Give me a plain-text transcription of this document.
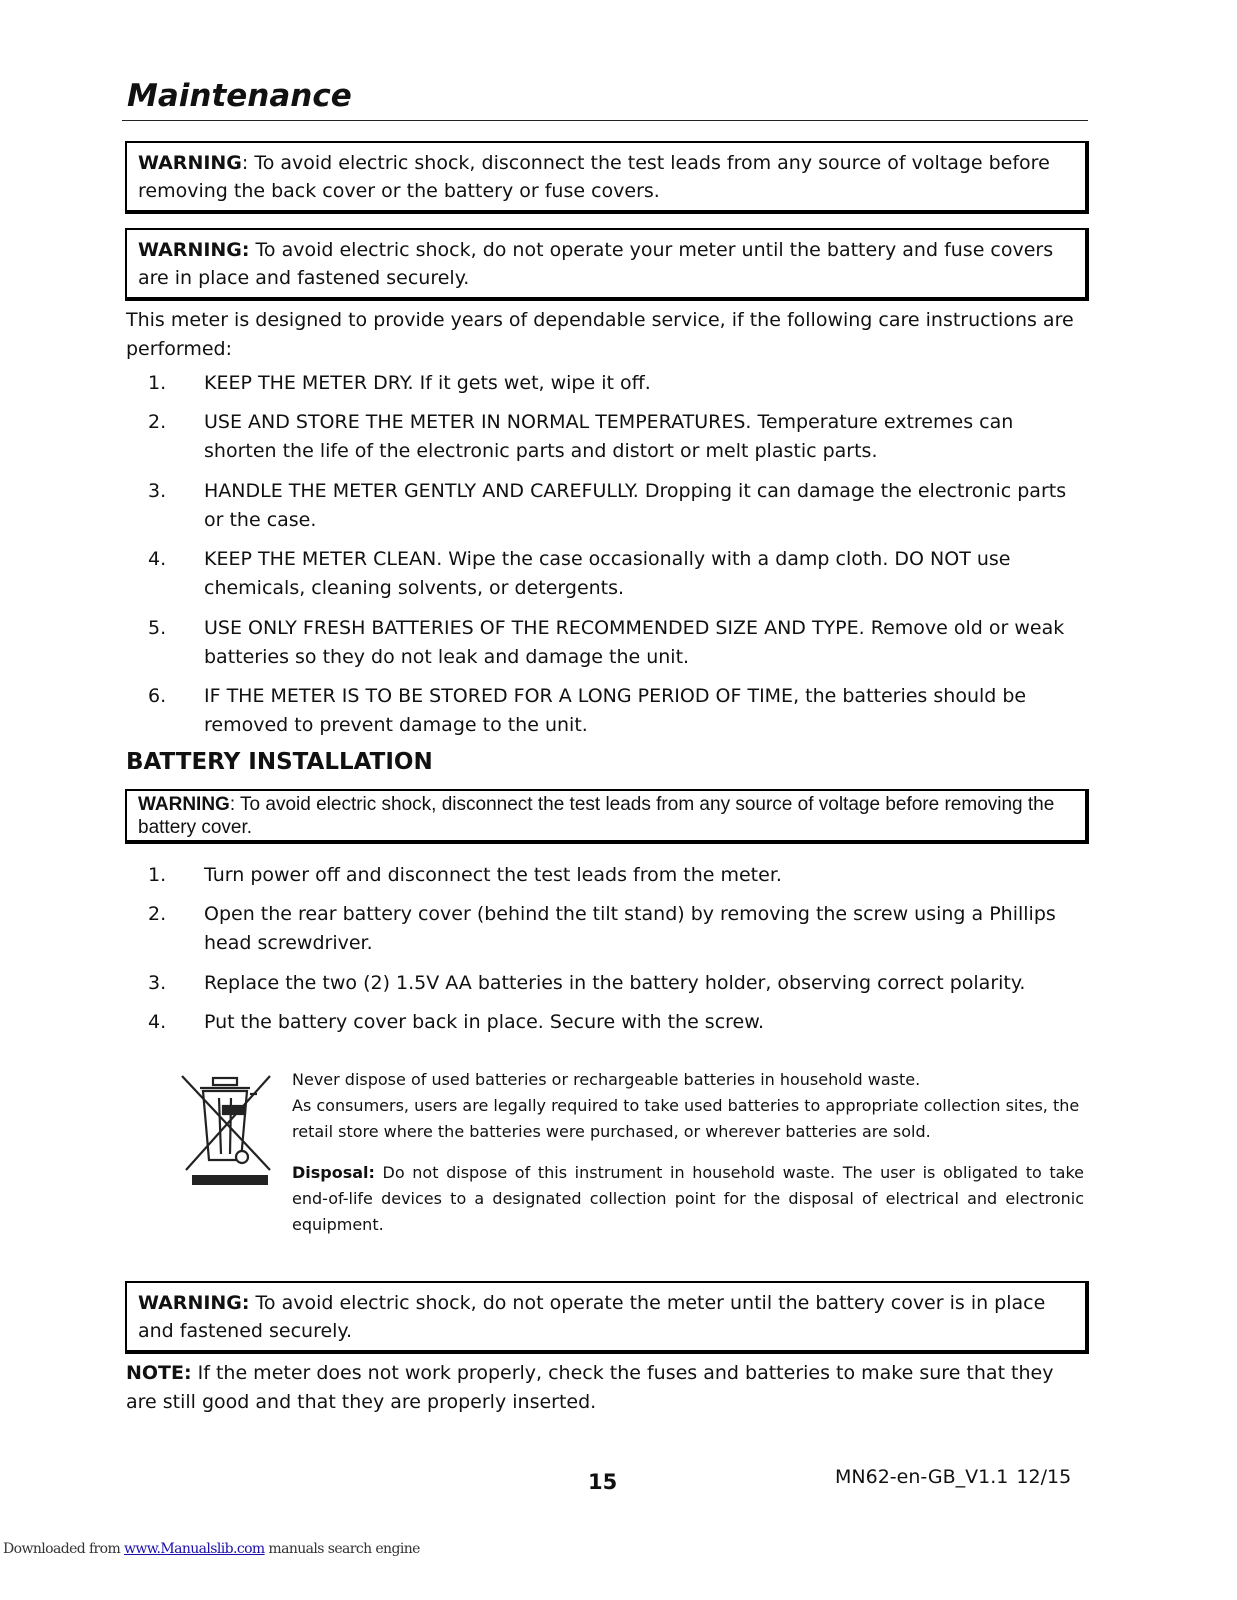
Maintenance
WARNING: To avoid electric shock, disconnect the test leads from any source of voltage before removing the back cover or the battery or fuse covers.
WARNING: To avoid electric shock, do not operate your meter until the battery and fuse covers are in place and fastened securely.

This meter is designed to provide years of dependable service, if the following care instructions are performed:

1. KEEP THE METER DRY. If it gets wet, wipe it off.
2. USE AND STORE THE METER IN NORMAL TEMPERATURES. Temperature extremes can shorten the life of the electronic parts and distort or melt plastic parts.
3. HANDLE THE METER GENTLY AND CAREFULLY. Dropping it can damage the electronic parts or the case.
4. KEEP THE METER CLEAN. Wipe the case occasionally with a damp cloth. DO NOT use chemicals, cleaning solvents, or detergents.
5. USE ONLY FRESH BATTERIES OF THE RECOMMENDED SIZE AND TYPE. Remove old or weak batteries so they do not leak and damage the unit.
6. IF THE METER IS TO BE STORED FOR A LONG PERIOD OF TIME, the batteries should be removed to prevent damage to the unit.
BATTERY INSTALLATION
WARNING: To avoid electric shock, disconnect the test leads from any source of voltage before removing the battery cover.
1. Turn power off and disconnect the test leads from the meter.
2. Open the rear battery cover (behind the tilt stand) by removing the screw using a Phillips head screwdriver.
3. Replace the two (2) 1.5V AA batteries in the battery holder, observing correct polarity.
4. Put the battery cover back in place. Secure with the screw.

Never dispose of used batteries or rechargeable batteries in household waste.
As consumers, users are legally required to take used batteries to appropriate collection sites, the retail store where the batteries were purchased, or wherever batteries are sold.

Disposal: Do not dispose of this instrument in household waste. The user is obligated to take end-of-life devices to a designated collection point for the disposal of electrical and electronic equipment.

WARNING: To avoid electric shock, do not operate the meter until the battery cover is in place and fastened securely.

NOTE: If the meter does not work properly, check the fuses and batteries to make sure that they are still good and that they are properly inserted.

15	MN62-en-GB_V1.1 12/15
Downloaded from www.Manualslib.com manuals search engine
